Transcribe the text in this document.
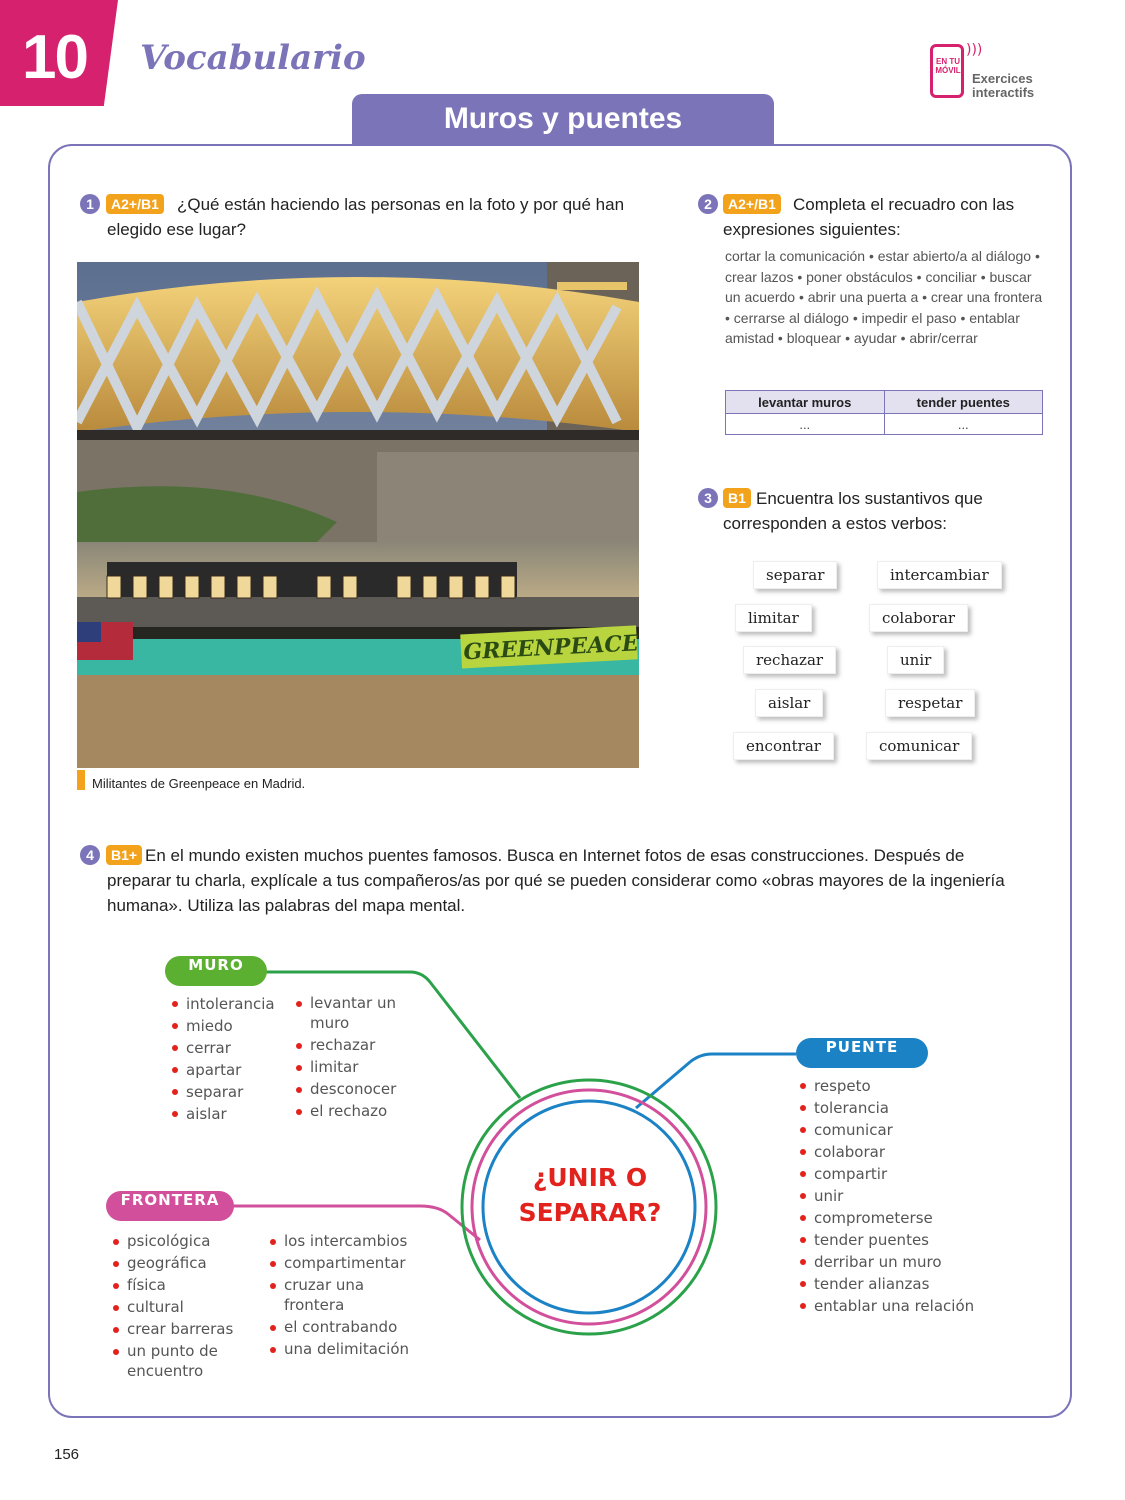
10 Vocabulario	EN TU MÓVIL
)))
Exercices interactifs
Muros y puentes
1	A2+/B1	¿Qué están haciendo las personas en la foto y por qué han elegido ese lugar?
GREENPEACE
Militantes de Greenpeace en Madrid.
2	A2+/B1	Completa el recuadro con las expresiones siguientes:
cortar la comunicación • estar abierto/a al diálogo • crear lazos • poner obstáculos • conciliar • buscar un acuerdo • abrir una puerta a • crear una frontera • cerrarse al diálogo • impedir el paso • entablar amistad • bloquear • ayudar • abrir/cerrar
levantar muros	tender puentes
...	...
3	B1 Encuentra los sustantivos que corresponden a estos verbos:
separar	intercambiar
limitar	colaborar
rechazar	unir
aislar	respetar
encontrar	comunicar
4	B1+ En el mundo existen muchos puentes famosos. Busca en Internet fotos de esas construcciones. Después de preparar tu charla, explícale a tus compañeros/as por qué se pueden considerar como «obras mayores de la ingeniería humana». Utiliza las palabras del mapa mental.
¿UNIR O
SEPARAR?
MURO
intolerancia
miedo
cerrar
apartar
separar
aislar
levantar un muro
rechazar
limitar
desconocer
el rechazo
PUENTE
respeto
tolerancia
comunicar
colaborar
compartir
unir
comprometerse
tender puentes
derribar un muro
tender alianzas
entablar una relación
FRONTERA
psicológica
geográfica
física
cultural
crear barreras
un punto de encuentro
los intercambios
compartimentar
cruzar una frontera
el contrabando
una delimitación
156
